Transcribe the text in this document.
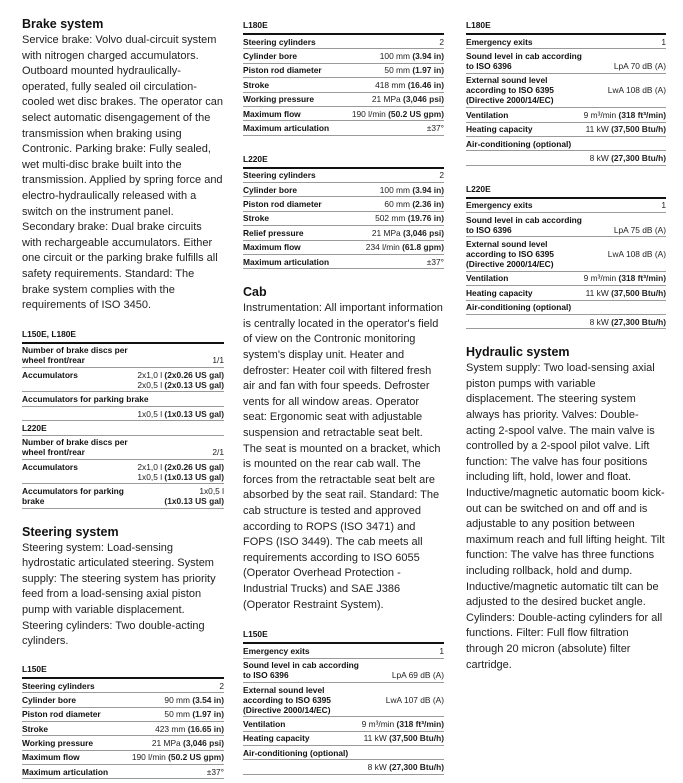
Brake system

Service brake: Volvo dual-circuit system with nitrogen charged accumulators. Outboard mounted hydraulically-operated, fully sealed oil circulation-cooled wet disc brakes. The operator can select automatic disengagement of the transmission when braking using Contronic. Parking brake: Fully sealed, wet multi-disc brake built into the transmission. Applied by spring force and electro-hydraulically released with a switch on the instrument panel. Secondary brake: Dual brake circuits with rechargeable accumulators. Either one circuit or the parking brake fulfills all safety requirements. Standard: The brake system complies with the requirements of ISO 3450.

L150E, L180E
Number of brake discs per wheel front/rear	1/1
Accumulators	2x1,0 l (2x0.26 US gal)
2x0,5 l (2x0.13 US gal)

Accumulators for parking brake	
	1x0,5 l (1x0.13 US gal)
L220E	
Number of brake discs per wheel front/rear	2/1
Accumulators	2x1,0 l (2x0.26 US gal)
1x0,5 l (1x0.13 US gal)

Accumulators for parking brake	1x0,5 l
(1x0.13 US gal)
Steering system

Steering system: Load-sensing hydrostatic articulated steering. System supply: The steering system has priority feed from a load-sensing axial piston pump with variable displacement. Steering cylinders: Two double-acting cylinders.

L150E
Steering cylinders	2
Cylinder bore	90 mm (3.54 in)
Piston rod diameter	50 mm (1.97 in)
Stroke	423 mm (16.65 in)
Working pressure	21 MPa (3,046 psi)
Maximum flow	190 l/min (50.2 US gpm)
Maximum articulation	±37°
L180E
Steering cylinders	2
Cylinder bore	100 mm (3.94 in)
Piston rod diameter	50 mm (1.97 in)
Stroke	418 mm (16.46 in)
Working pressure	21 MPa (3,046 psi)
Maximum flow	190 l/min (50.2 US gpm)
Maximum articulation	±37°
L220E
Steering cylinders	2
Cylinder bore	100 mm (3.94 in)
Piston rod diameter	60 mm (2.36 in)
Stroke	502 mm (19.76 in)
Relief pressure	21 MPa (3,046 psi)
Maximum flow	234 l/min (61.8 gpm)
Maximum articulation	±37°
Cab

Instrumentation: All important information is centrally located in the operator's field of view on the Contronic monitoring system's display unit. Heater and defroster: Heater coil with filtered fresh air and fan with four speeds. Defroster vents for all window areas. Operator seat: Ergonomic seat with adjustable suspension and retractable seat belt. The seat is mounted on a bracket, which is mounted on the rear cab wall. The forces from the retractable seat belt are absorbed by the seat rail. Standard: The cab structure is tested and approved according to ROPS (ISO 3471) and FOPS (ISO 3449). The cab meets all requirements according to ISO 6055 (Operator Overhead Protection - Industrial Trucks) and SAE J386 (Operator Restraint System).

L150E
Emergency exits	1
Sound level in cab according to ISO 6396	LpA 69 dB (A)
External sound level according to ISO 6395 (Directive 2000/14/EC)	LwA 107 dB (A)
Ventilation	9 m³/min (318 ft³/min)
Heating capacity	11 kW (37,500 Btu/h)
Air-conditioning (optional)	
8 kW (27,300 Btu/h)	
L180E
Emergency exits	1
Sound level in cab according to ISO 6396	LpA 70 dB (A)
External sound level according to ISO 6395 (Directive 2000/14/EC)	LwA 108 dB (A)
Ventilation	9 m³/min (318 ft³/min)
Heating capacity	11 kW (37,500 Btu/h)
Air-conditioning (optional)	
8 kW (27,300 Btu/h)	
L220E
Emergency exits	1
Sound level in cab according to ISO 6396	LpA 75 dB (A)
External sound level according to ISO 6395 (Directive 2000/14/EC)	LwA 108 dB (A)
Ventilation	9 m³/min (318 ft³/min)
Heating capacity	11 kW (37,500 Btu/h)
Air-conditioning (optional)	
8 kW (27,300 Btu/h)	
Hydraulic system

System supply: Two load-sensing axial piston pumps with variable displacement. The steering system always has priority. Valves: Double-acting 2-spool valve. The main valve is controlled by a 2-spool pilot valve. Lift function: The valve has four positions including lift, hold, lower and float. Inductive/magnetic automatic boom kick-out can be switched on and off and is adjustable to any position between maximum reach and full lifting height. Tilt function: The valve has three functions including rollback, hold and dump. Inductive/magnetic automatic tilt can be adjusted to the desired bucket angle. Cylinders: Double-acting cylinders for all functions. Filter: Full flow filtration through 20 micron (absolute) filter cartridge.
